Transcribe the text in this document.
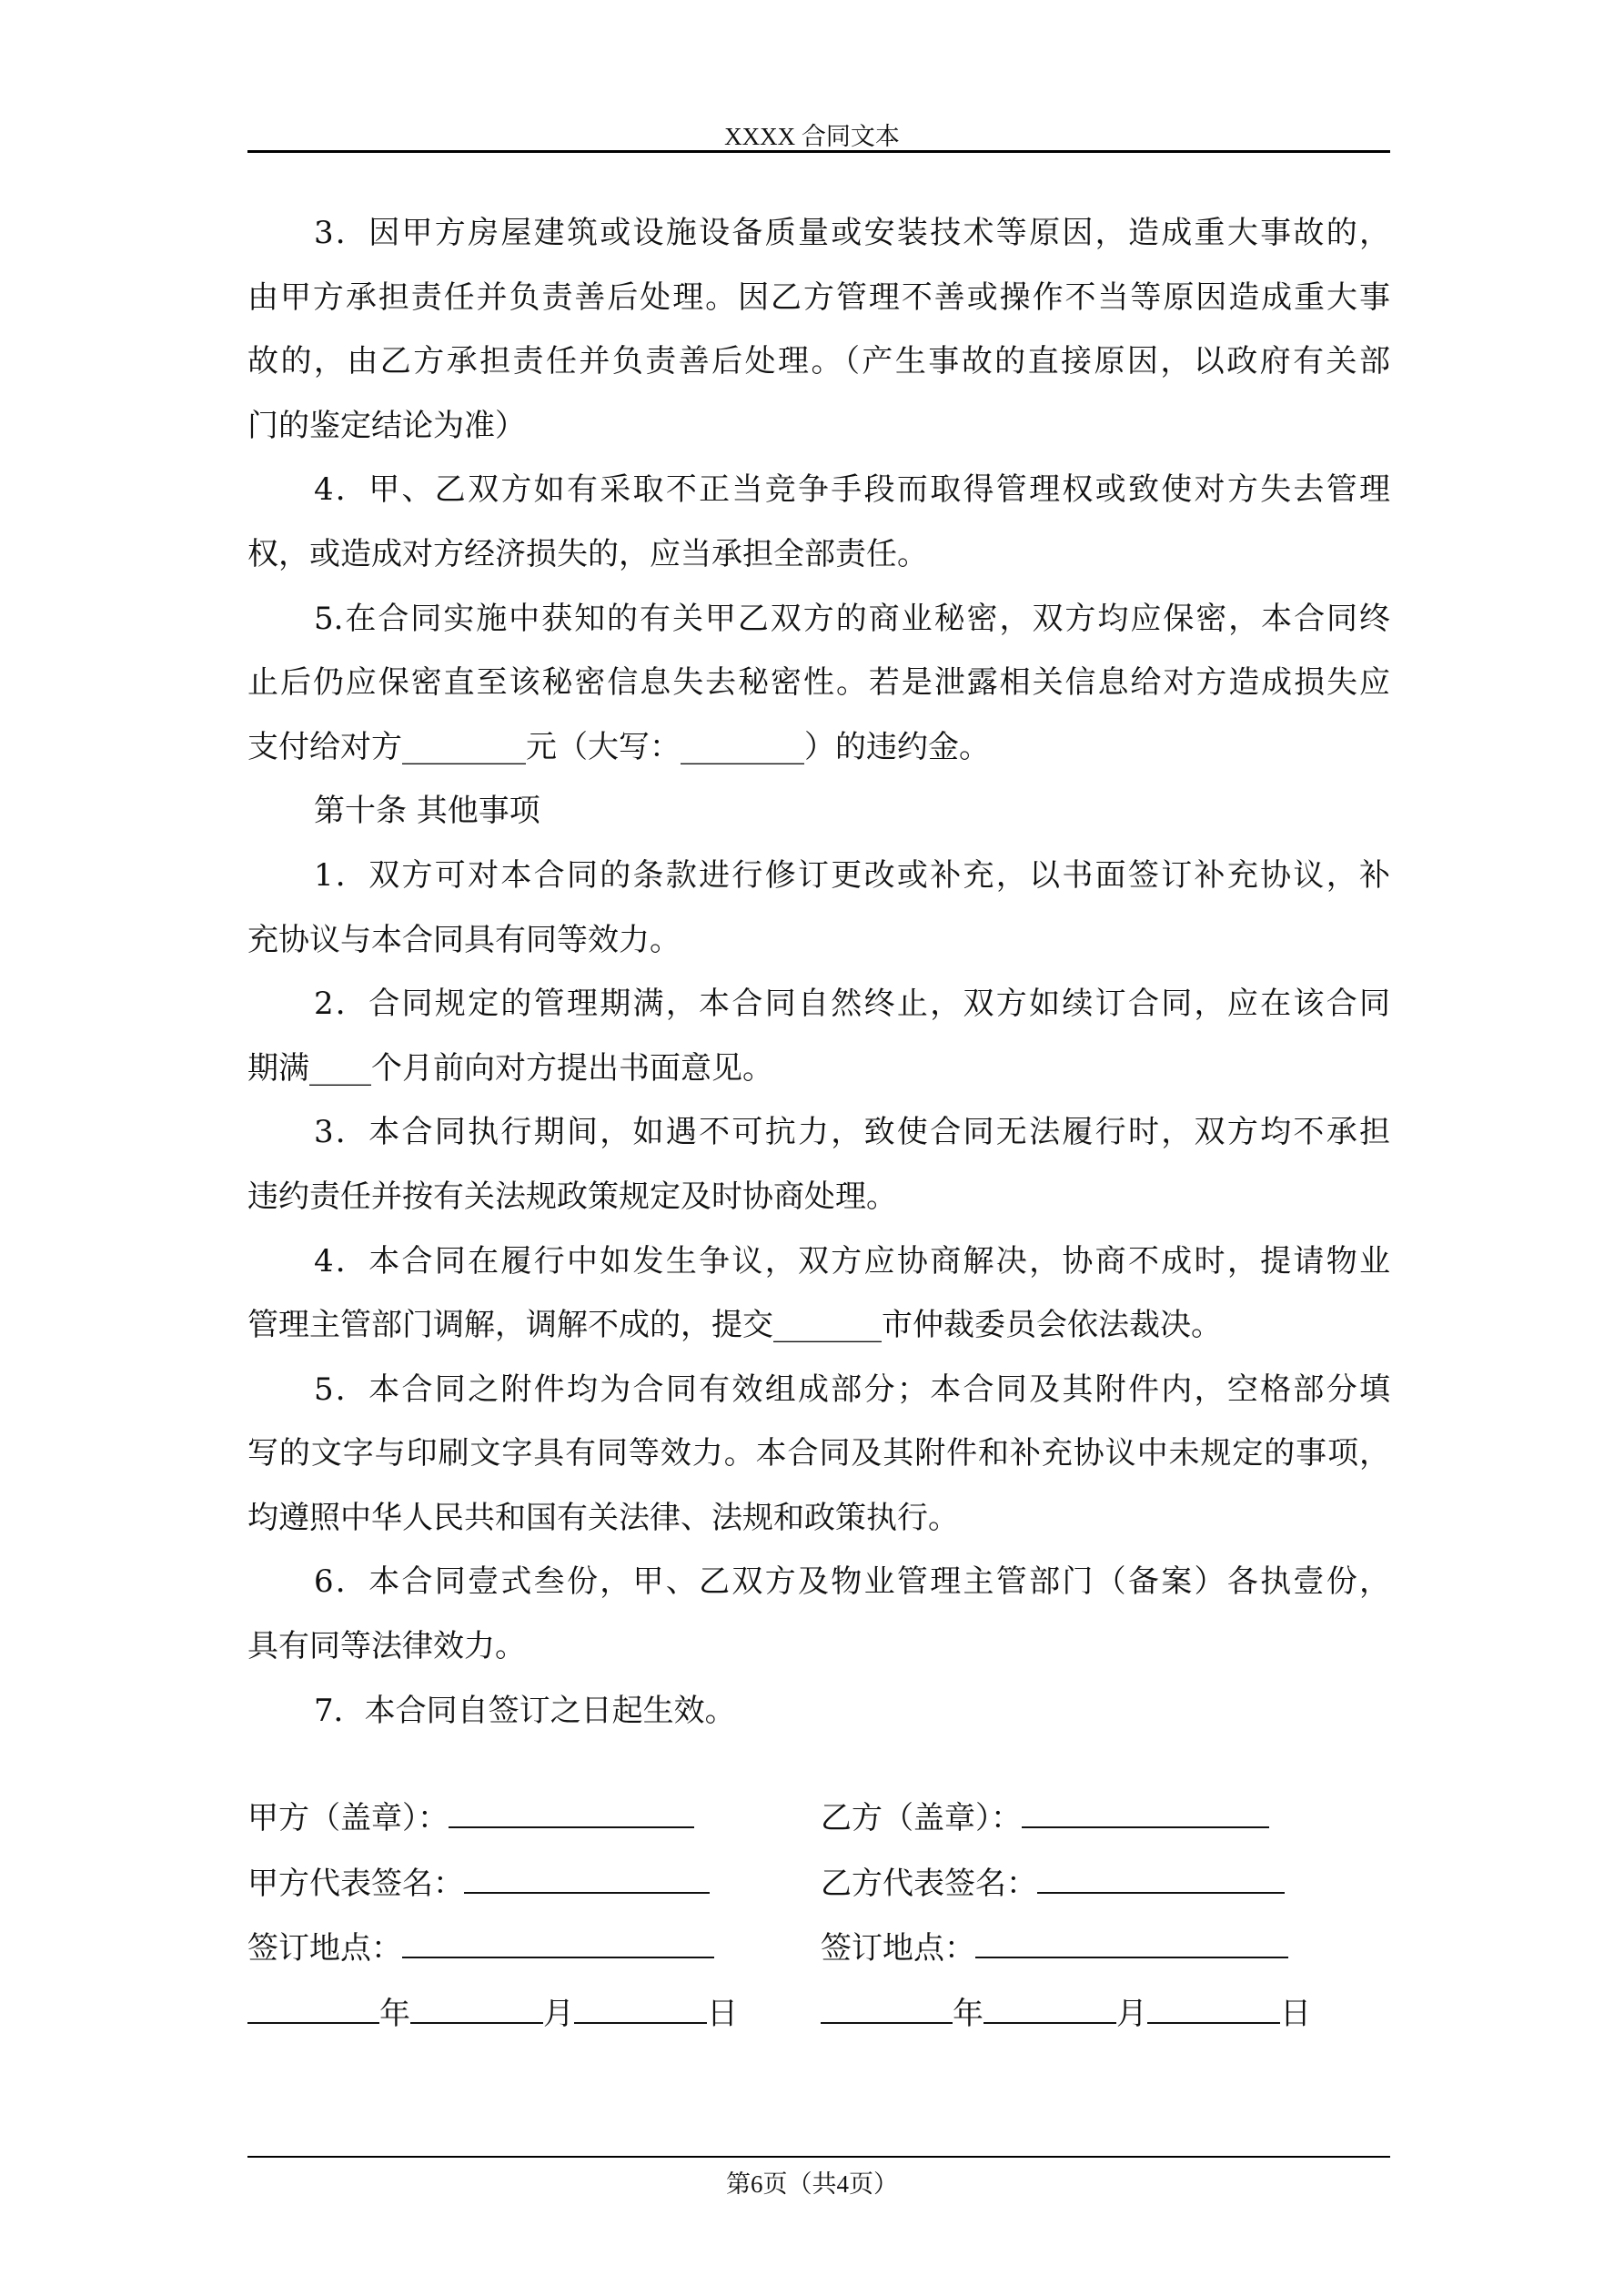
XXXX 合同文本
3．因甲方房屋建筑或设施设备质量或安装技术等原因，造成重大事故的，
由甲方承担责任并负责善后处理。因乙方管理不善或操作不当等原因造成重大事
故的，由乙方承担责任并负责善后处理。（产生事故的直接原因，以政府有关部
门的鉴定结论为准）
4．甲、乙双方如有采取不正当竞争手段而取得管理权或致使对方失去管理
权，或造成对方经济损失的，应当承担全部责任。
5.在合同实施中获知的有关甲乙双方的商业秘密，双方均应保密，本合同终
止后仍应保密直至该秘密信息失去秘密性。若是泄露相关信息给对方造成损失应
支付给对方________元（大写：________）的违约金。
第十条 其他事项
1．双方可对本合同的条款进行修订更改或补充，以书面签订补充协议，补
充协议与本合同具有同等效力。
2．合同规定的管理期满，本合同自然终止，双方如续订合同，应在该合同
期满____个月前向对方提出书面意见。
3．本合同执行期间，如遇不可抗力，致使合同无法履行时，双方均不承担
违约责任并按有关法规政策规定及时协商处理。
4．本合同在履行中如发生争议，双方应协商解决，协商不成时，提请物业
管理主管部门调解，调解不成的，提交_______市仲裁委员会依法裁决。
5．本合同之附件均为合同有效组成部分；本合同及其附件内，空格部分填
写的文字与印刷文字具有同等效力。本合同及其附件和补充协议中未规定的事项，
均遵照中华人民共和国有关法律、法规和政策执行。
6．本合同壹式叁份，甲、乙双方及物业管理主管部门（备案）各执壹份，
具有同等法律效力。
7．本合同自签订之日起生效。
甲方（盖章）：	乙方（盖章）：
甲方代表签名：	乙方代表签名：
签订地点：	签订地点：
年	月	日	年	月	日
第6页（共4页）
